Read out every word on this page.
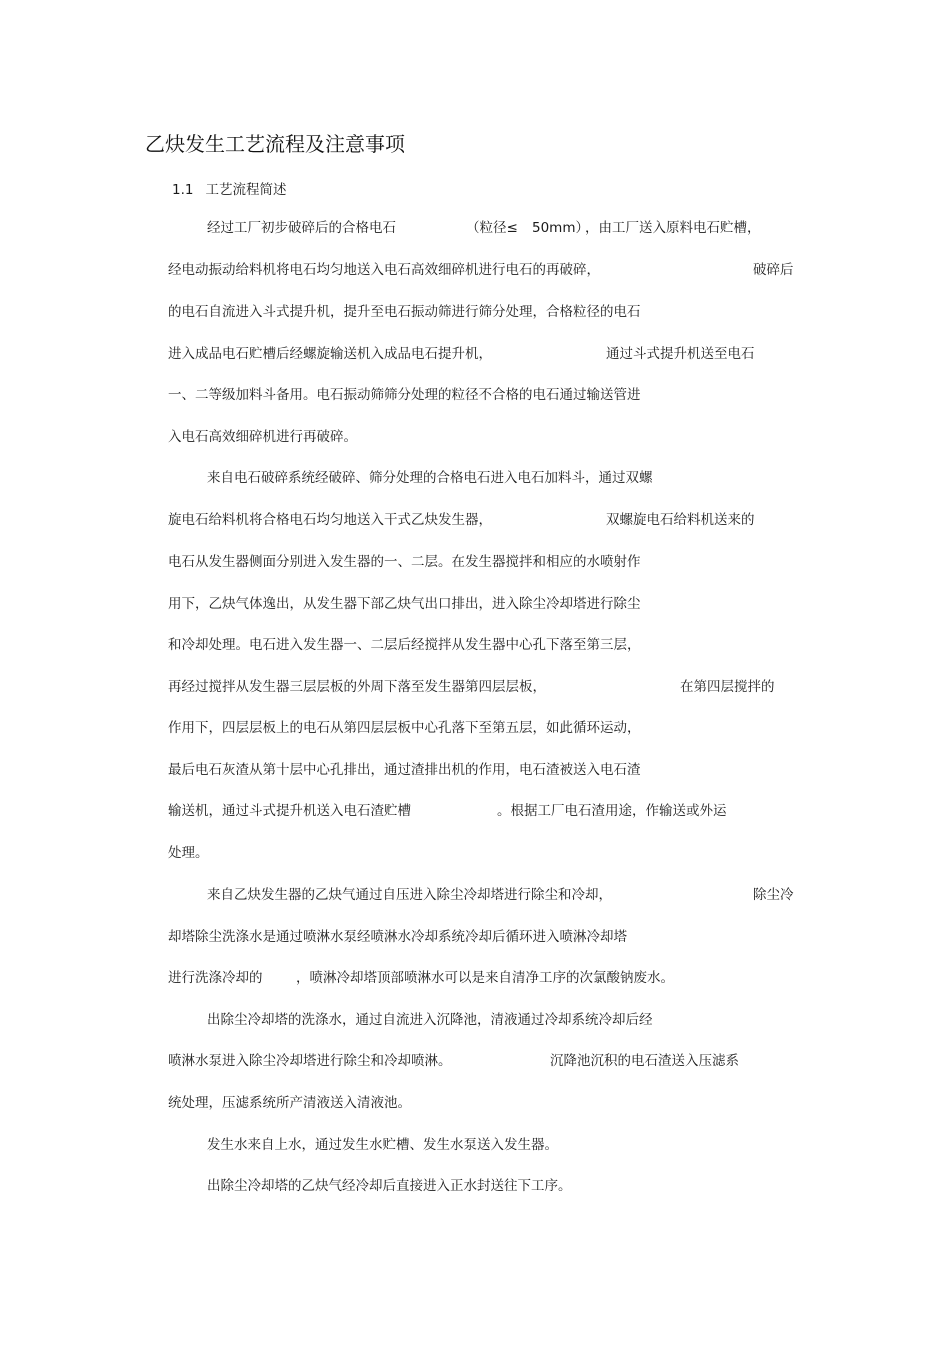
乙炔发生工艺流程及注意事项
1.1 工艺流程简述
经过工厂初步破碎后的合格电石	（粒径≤ 50mm）
，由工厂送入原料电石贮槽，
经电动振动给料机将电石均匀地送入电石高效细碎机进行电石的再破碎，	破碎后
的电石自流进入斗式提升机，提升至电石振动筛进行筛分处理，合格粒径的电石
进入成品电石贮槽后经螺旋输送机入成品电石提升机，	通过斗式提升机送至电石
一、二等级加料斗备用。电石振动筛筛分处理的粒径不合格的电石通过输送管进
入电石高效细碎机进行再破碎。
来自电石破碎系统经破碎、筛分处理的合格电石进入电石加料斗，通过双螺
旋电石给料机将合格电石均匀地送入干式乙炔发生器，	双螺旋电石给料机送来的
电石从发生器侧面分别进入发生器的一、二层。在发生器搅拌和相应的水喷射作
用下，乙炔气体逸出，从发生器下部乙炔气出口排出，进入除尘冷却塔进行除尘
和冷却处理。电石进入发生器一、二层后经搅拌从发生器中心孔下落至第三层，
再经过搅拌从发生器三层层板的外周下落至发生器第四层层板，	在第四层搅拌的
作用下，四层层板上的电石从第四层层板中心孔落下至第五层，如此循环运动，
最后电石灰渣从第十层中心孔排出，通过渣排出机的作用，电石渣被送入电石渣
输送机，通过斗式提升机送入电石渣贮槽	。根据工厂电石渣用途，作输送或外运
处理。
来自乙炔发生器的乙炔气通过自压进入除尘冷却塔进行除尘和冷却，	除尘冷
却塔除尘洗涤水是通过喷淋水泵经喷淋水冷却系统冷却后循环进入喷淋冷却塔
进行洗涤冷却的 ，喷淋冷却塔顶部喷淋水可以是来自清净工序的次氯酸钠废水。
出除尘冷却塔的洗涤水，通过自流进入沉降池，清液通过冷却系统冷却后经
喷淋水泵进入除尘冷却塔进行除尘和冷却喷淋。	沉降池沉积的电石渣送入压滤系
统处理，压滤系统所产清液送入清液池。
发生水来自上水，通过发生水贮槽、发生水泵送入发生器。
出除尘冷却塔的乙炔气经冷却后直接进入正水封送往下工序。
